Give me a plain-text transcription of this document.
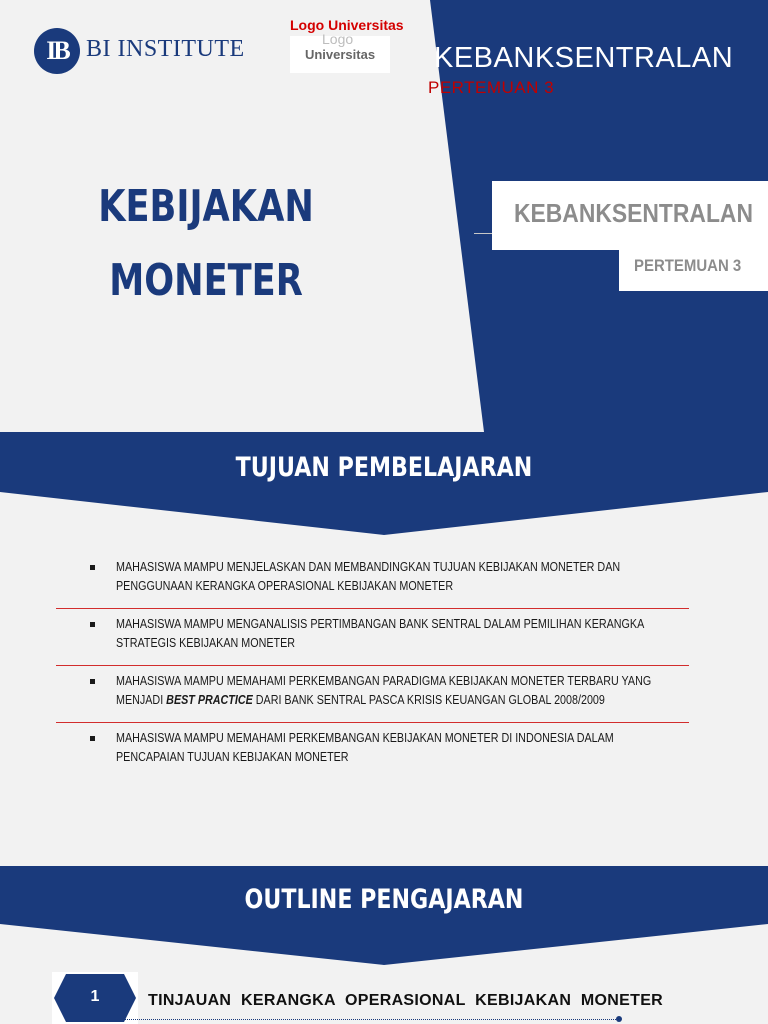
IB BI INSTITUTE
Logo Universitas
Logo
Universitas	KEBANKSENTRALAN
PERTEMUAN 3
KEBIJAKAN
MONETER
KEBANKSENTRALAN
PERTEMUAN 3
TUJUAN PEMBELAJARAN
MAHASISWA MAMPU MENJELASKAN DAN MEMBANDINGKAN TUJUAN KEBIJAKAN MONETER DAN PENGGUNAAN KERANGKA OPERASIONAL KEBIJAKAN MONETER
MAHASISWA MAMPU MENGANALISIS PERTIMBANGAN BANK SENTRAL DALAM PEMILIHAN KERANGKA STRATEGIS KEBIJAKAN MONETER
MAHASISWA MAMPU MEMAHAMI PERKEMBANGAN PARADIGMA KEBIJAKAN MONETER TERBARU YANG MENJADI BEST PRACTICE DARI BANK SENTRAL PASCA KRISIS KEUANGAN GLOBAL 2008/2009
MAHASISWA MAMPU MEMAHAMI PERKEMBANGAN KEBIJAKAN MONETER DI INDONESIA DALAM PENCAPAIAN TUJUAN KEBIJAKAN MONETER
OUTLINE PENGAJARAN
1	TINJAUAN KERANGKA OPERASIONAL KEBIJAKAN MONETER
